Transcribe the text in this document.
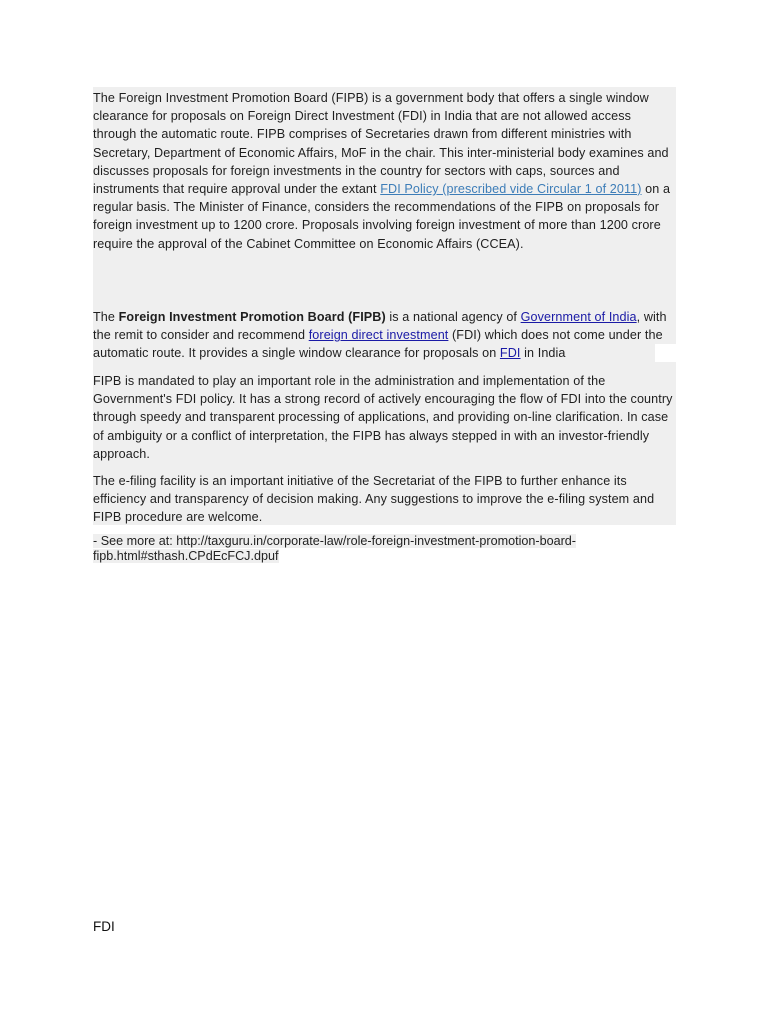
The Foreign Investment Promotion Board (FIPB) is a government body that offers a single window clearance for proposals on Foreign Direct Investment (FDI) in India that are not allowed access through the automatic route. FIPB comprises of Secretaries drawn from different ministries with Secretary, Department of Economic Affairs, MoF in the chair. This inter-ministerial body examines and discusses proposals for foreign investments in the country for sectors with caps, sources and instruments that require approval under the extant FDI Policy (prescribed vide Circular 1 of 2011) on a regular basis. The Minister of Finance, considers the recommendations of the FIPB on proposals for foreign investment up to 1200 crore. Proposals involving foreign investment of more than 1200 crore require the approval of the Cabinet Committee on Economic Affairs (CCEA).

The Foreign Investment Promotion Board (FIPB) is a national agency of Government of India, with the remit to consider and recommend foreign direct investment (FDI) which does not come under the automatic route. It provides a single window clearance for proposals on FDI in India

FIPB is mandated to play an important role in the administration and implementation of the Government's FDI policy. It has a strong record of actively encouraging the flow of FDI into the country through speedy and transparent processing of applications, and providing on-line clarification. In case of ambiguity or a conflict of interpretation, the FIPB has always stepped in with an investor-friendly approach.

The e-filing facility is an important initiative of the Secretariat of the FIPB to further enhance its efficiency and transparency of decision making. Any suggestions to improve the e-filing system and FIPB procedure are welcome.

- See more at: http://taxguru.in/corporate-law/role-foreign-investment-promotion-board-fipb.html#sthash.CPdEcFCJ.dpuf

FDI
